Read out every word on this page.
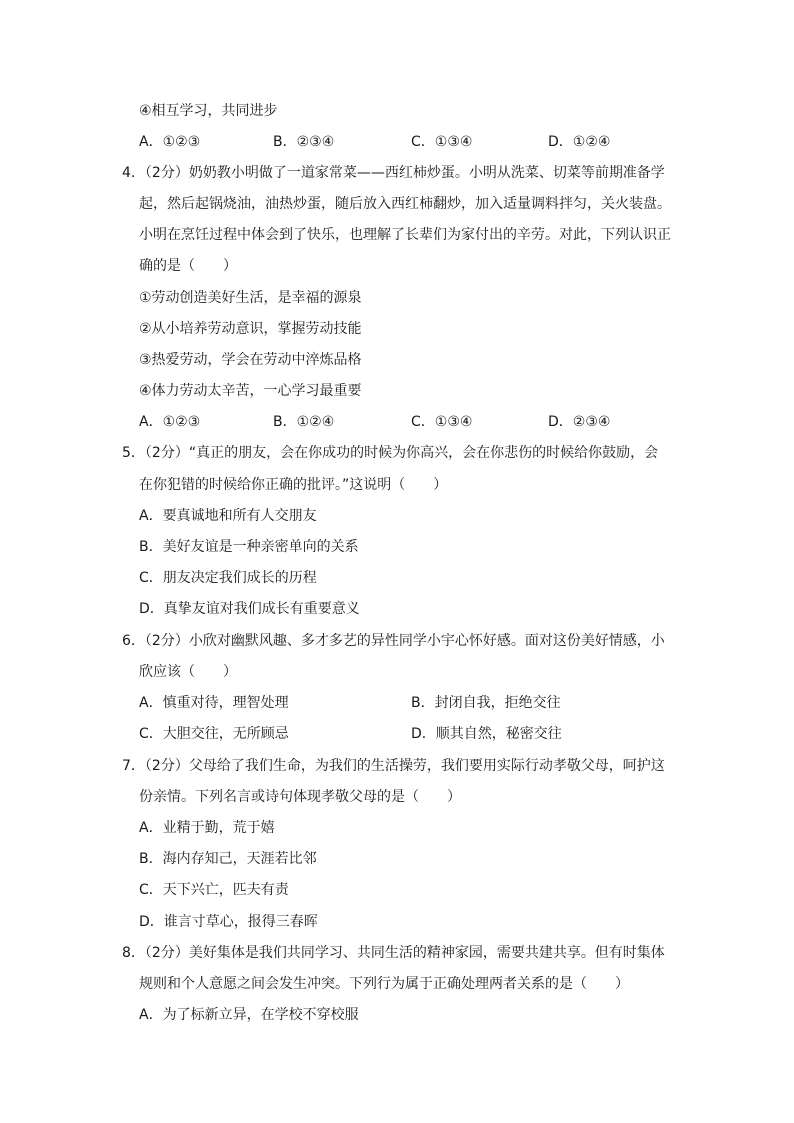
④相互学习，共同进步
A．①②③	B．②③④	C．①③④	D．①②④
4．（2分）奶奶教小明做了一道家常菜——西红柿炒蛋。小明从洗菜、切菜等前期准备学
起，然后起锅烧油，油热炒蛋，随后放入西红柿翻炒，加入适量调料拌匀，关火装盘。
小明在烹饪过程中体会到了快乐，也理解了长辈们为家付出的辛劳。对此，下列认识正
确的是（　　）
①劳动创造美好生活，是幸福的源泉
②从小培养劳动意识，掌握劳动技能
③热爱劳动，学会在劳动中淬炼品格
④体力劳动太辛苦，一心学习最重要
A．①②③	B．①②④	C．①③④	D．②③④
5．（2分）“真正的朋友，会在你成功的时候为你高兴，会在你悲伤的时候给你鼓励，会
在你犯错的时候给你正确的批评。”这说明（　　）
A．要真诚地和所有人交朋友
B．美好友谊是一种亲密单向的关系
C．朋友决定我们成长的历程
D．真挚友谊对我们成长有重要意义
6．（2分）小欣对幽默风趣、多才多艺的异性同学小宇心怀好感。面对这份美好情感，小
欣应该（　　）
A．慎重对待，理智处理	B．封闭自我，拒绝交往
C．大胆交往，无所顾忌	D．顺其自然，秘密交往
7．（2分）父母给了我们生命，为我们的生活操劳，我们要用实际行动孝敬父母，呵护这
份亲情。下列名言或诗句体现孝敬父母的是（　　）
A．业精于勤，荒于嬉
B．海内存知己，天涯若比邻
C．天下兴亡，匹夫有责
D．谁言寸草心，报得三春晖
8．（2分）美好集体是我们共同学习、共同生活的精神家园，需要共建共享。但有时集体
规则和个人意愿之间会发生冲突。下列行为属于正确处理两者关系的是（　　）
A．为了标新立异，在学校不穿校服
